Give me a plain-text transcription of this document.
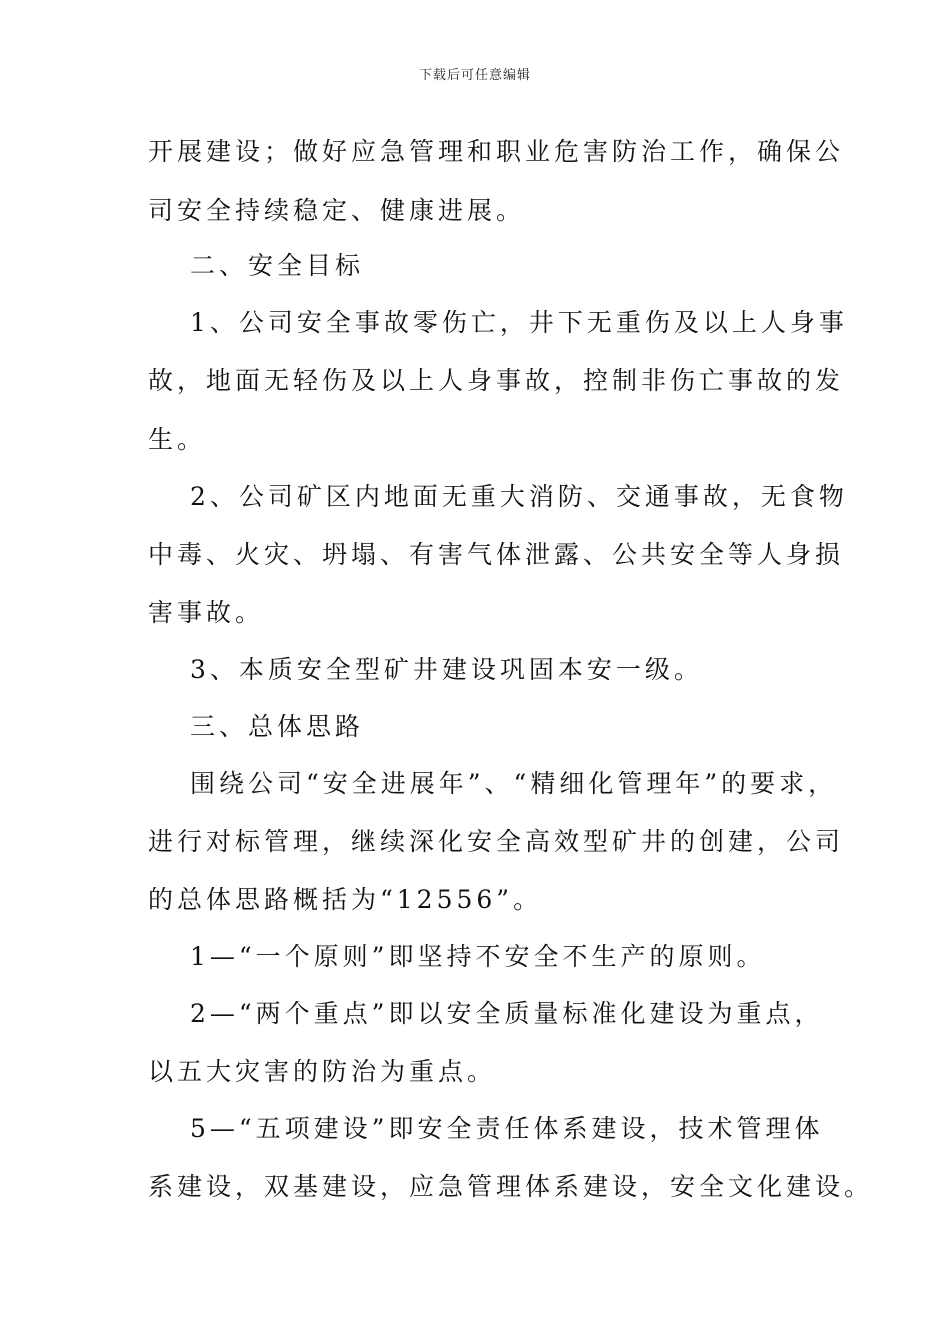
下载后可任意编辑
开展建设；做好应急管理和职业危害防治工作，确保公
司安全持续稳定、健康进展。
二、安全目标
1、公司安全事故零伤亡，井下无重伤及以上人身事
故，地面无轻伤及以上人身事故，控制非伤亡事故的发
生。
2、公司矿区内地面无重大消防、交通事故，无食物
中毒、火灾、坍塌、有害气体泄露、公共安全等人身损
害事故。
3、本质安全型矿井建设巩固本安一级。
三、总体思路
围绕公司“安全进展年”、“精细化管理年”的要求，
进行对标管理，继续深化安全高效型矿井的创建，公司
的总体思路概括为“12556”。
1—“一个原则”即坚持不安全不生产的原则。
2—“两个重点”即以安全质量标准化建设为重点，
以五大灾害的防治为重点。
5—“五项建设”即安全责任体系建设，技术管理体
系建设，双基建设，应急管理体系建设，安全文化建设。
